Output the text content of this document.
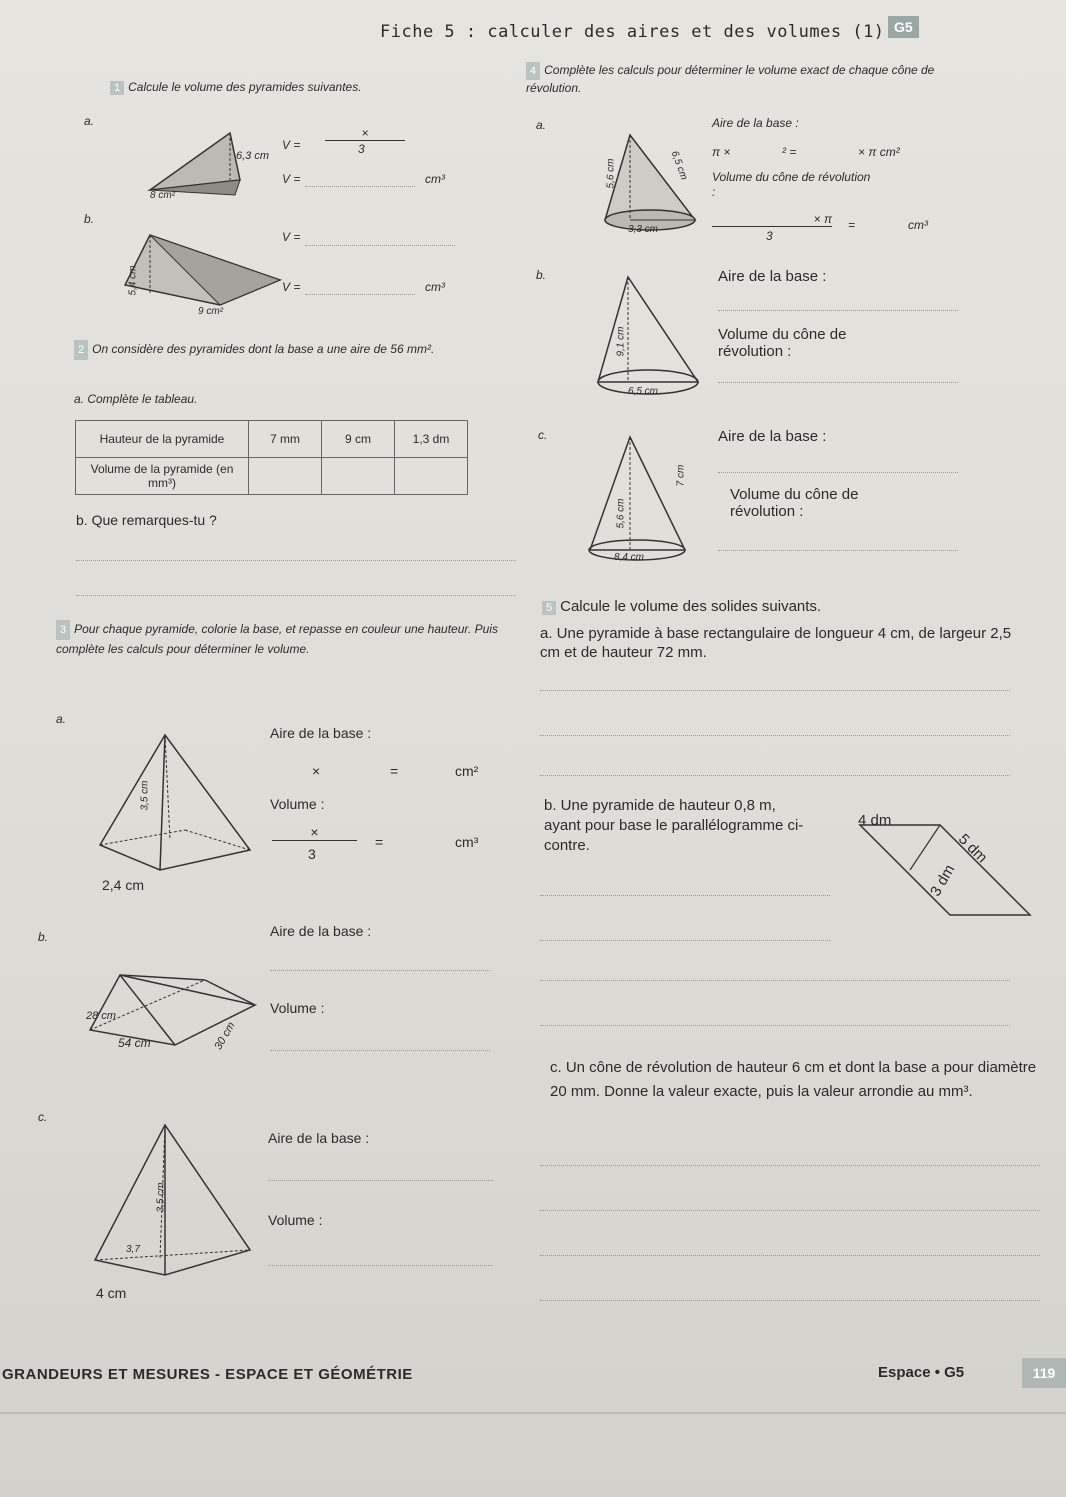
Fiche 5 : calculer des aires et des volumes (1) G5
1 Calcule le volume des pyramides suivantes.
a.
6,3 cm
8 cm²
V =
×
3
V =	cm³
b.
5,4 cm
9 cm²
V =
V =	cm³
2 On considère des pyramides dont la base a une aire de 56 mm².
a. Complète le tableau.
Hauteur de la pyramide	7 mm	9 cm	1,3 dm
Volume de la pyramide (en mm³)			
b. Que remarques-tu ?
3 Pour chaque pyramide, colorie la base, et repasse en couleur une hauteur. Puis complète les calculs pour déterminer le volume.
a.
3,5 cm
2,4 cm
Aire de la base :
×	=	cm²
Volume :
×
3
=	cm³
b.
28 cm
54 cm	30 cm
Aire de la base :
Volume :
c.
3,5 cm
3,7
4 cm
Aire de la base :
Volume :
4 Complète les calculs pour déterminer le volume exact de chaque cône de révolution.
a.
5,6 cm	6,5 cm
3,3 cm
Aire de la base :
π ×	² =	× π cm²
Volume du cône de révolution :
× π
3
=	cm³
b.
9,1 cm
6,5 cm
Aire de la base :
Volume du cône de révolution :
c.
5,6 cm
7 cm
8,4 cm
Aire de la base :
Volume du cône de révolution :
5 Calcule le volume des solides suivants.
a. Une pyramide à base rectangulaire de longueur 4 cm, de largeur 2,5 cm et de hauteur 72 mm.
b. Une pyramide de hauteur 0,8 m, ayant pour base le parallélogramme ci-contre.
4 dm
5 dm
3 dm
c. Un cône de révolution de hauteur 6 cm et dont la base a pour diamètre 20 mm. Donne la valeur exacte, puis la valeur arrondie au mm³.
GRANDEURS ET MESURES - ESPACE ET GÉOMÉTRIE	Espace • G5	119
